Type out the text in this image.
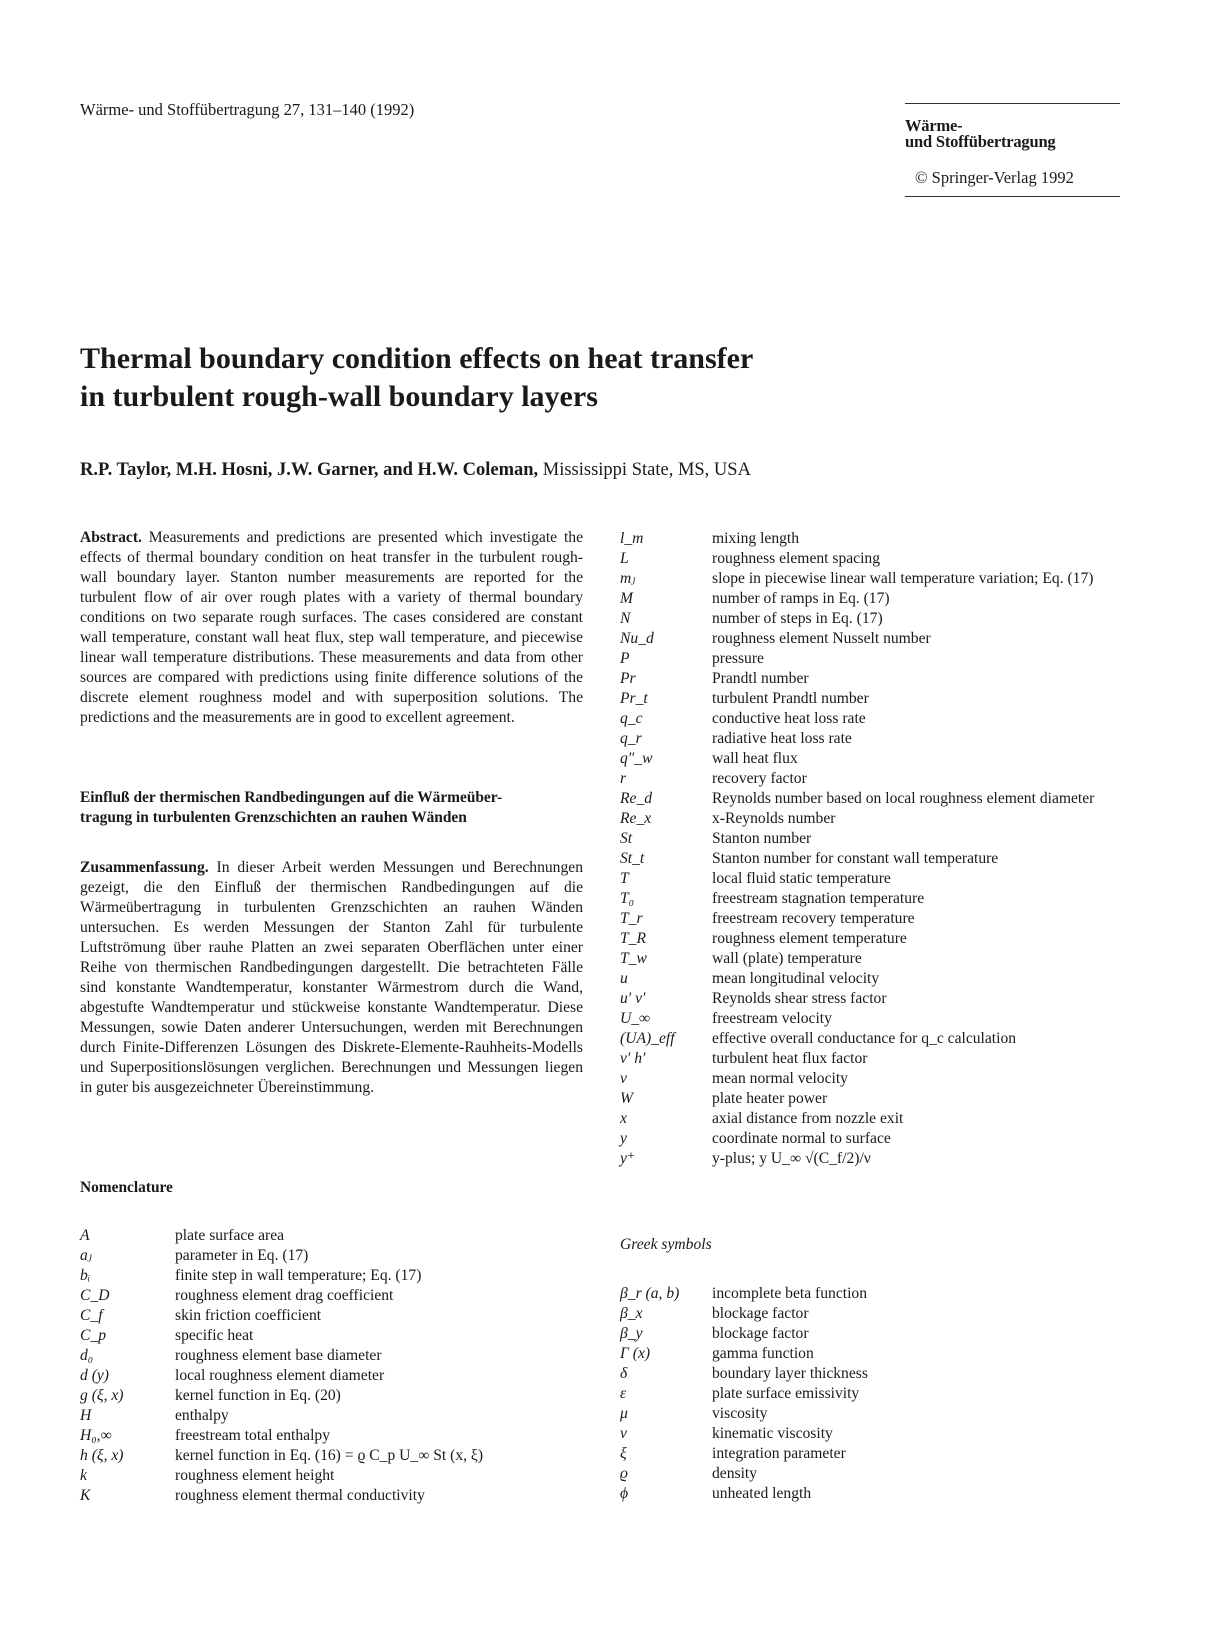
Wärme- und Stoffübertragung 27, 131–140 (1992)
Wärme-
und Stoffübertragung
© Springer-Verlag 1992
Thermal boundary condition effects on heat transfer
in turbulent rough-wall boundary layers
R.P. Taylor, M.H. Hosni, J.W. Garner, and H.W. Coleman, Mississippi State, MS, USA
Abstract. Measurements and predictions are presented which investigate the effects of thermal boundary condition on heat transfer in the turbulent rough-wall boundary layer. Stanton number measurements are reported for the turbulent flow of air over rough plates with a variety of thermal boundary conditions on two separate rough surfaces. The cases considered are constant wall temperature, constant wall heat flux, step wall temperature, and piecewise linear wall temperature distributions. These measurements and data from other sources are compared with predictions using finite difference solutions of the discrete element roughness model and with superposition solutions. The predictions and the measurements are in good to excellent agreement.
Einfluß der thermischen Randbedingungen auf die Wärmeüber-
tragung in turbulenten Grenzschichten an rauhen Wänden
Zusammenfassung. In dieser Arbeit werden Messungen und Berechnungen gezeigt, die den Einfluß der thermischen Randbedingungen auf die Wärmeübertragung in turbulenten Grenzschichten an rauhen Wänden untersuchen. Es werden Messungen der Stanton Zahl für turbulente Luftströmung über rauhe Platten an zwei separaten Oberflächen unter einer Reihe von thermischen Randbedingungen dargestellt. Die betrachteten Fälle sind konstante Wandtemperatur, konstanter Wärmestrom durch die Wand, abgestufte Wandtemperatur und stückweise konstante Wandtemperatur. Diese Messungen, sowie Daten anderer Untersuchungen, werden mit Berechnungen durch Finite-Differenzen Lösungen des Diskrete-Elemente-Rauhheits-Modells und Superpositionslösungen verglichen. Berechnungen und Messungen liegen in guter bis ausgezeichneter Übereinstimmung.
Nomenclature
A	plate surface area
aⱼ	parameter in Eq. (17)
bᵢ	finite step in wall temperature; Eq. (17)
C_D	roughness element drag coefficient
C_f	skin friction coefficient
C_p	specific heat
d₀	roughness element base diameter
d (y)	local roughness element diameter
g (ξ, x)	kernel function in Eq. (20)
H	enthalpy
H₀,∞	freestream total enthalpy
h (ξ, x)	kernel function in Eq. (16) = ϱ C_p U_∞ St (x, ξ)
k	roughness element height
K	roughness element thermal conductivity
l_m	mixing length
L	roughness element spacing
mⱼ	slope in piecewise linear wall temperature variation; Eq. (17)
M	number of ramps in Eq. (17)
N	number of steps in Eq. (17)
Nu_d	roughness element Nusselt number
P	pressure
Pr	Prandtl number
Pr_t	turbulent Prandtl number
q_c	conductive heat loss rate
q_r	radiative heat loss rate
q″_w	wall heat flux
r	recovery factor
Re_d	Reynolds number based on local roughness element diameter
Re_x	x-Reynolds number
St	Stanton number
St_t	Stanton number for constant wall temperature
T	local fluid static temperature
T₀	freestream stagnation temperature
T_r	freestream recovery temperature
T_R	roughness element temperature
T_w	wall (plate) temperature
u	mean longitudinal velocity
u′ v′	Reynolds shear stress factor
U_∞	freestream velocity
(UA)_eff	effective overall conductance for q_c calculation
v′ h′	turbulent heat flux factor
v	mean normal velocity
W	plate heater power
x	axial distance from nozzle exit
y	coordinate normal to surface
y⁺	y-plus; y U_∞ √(C_f/2)/ν
Greek symbols
β_r (a, b)	incomplete beta function
β_x	blockage factor
β_y	blockage factor
Γ (x)	gamma function
δ	boundary layer thickness
ε	plate surface emissivity
μ	viscosity
ν	kinematic viscosity
ξ	integration parameter
ϱ	density
ϕ	unheated length
